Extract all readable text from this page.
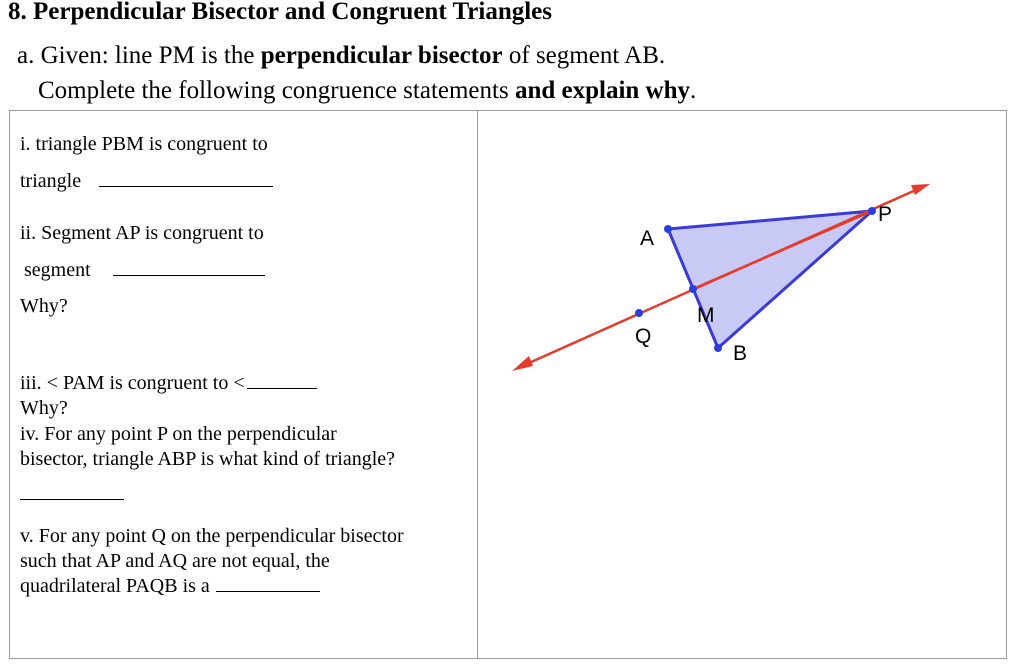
8. Perpendicular Bisector and Congruent Triangles
a. Given: line PM is the perpendicular bisector of segment AB.
Complete the following congruence statements and explain why.
i. triangle PBM is congruent to
triangle
ii. Segment AP is congruent to
segment
Why?
iii. < PAM is congruent to <
Why?
iv. For any point P on the perpendicular
bisector, triangle ABP is what kind of triangle?
v. For any point Q on the perpendicular bisector
such that AP and AQ are not equal, the
quadrilateral PAQB is a
A
P
M
Q
B
